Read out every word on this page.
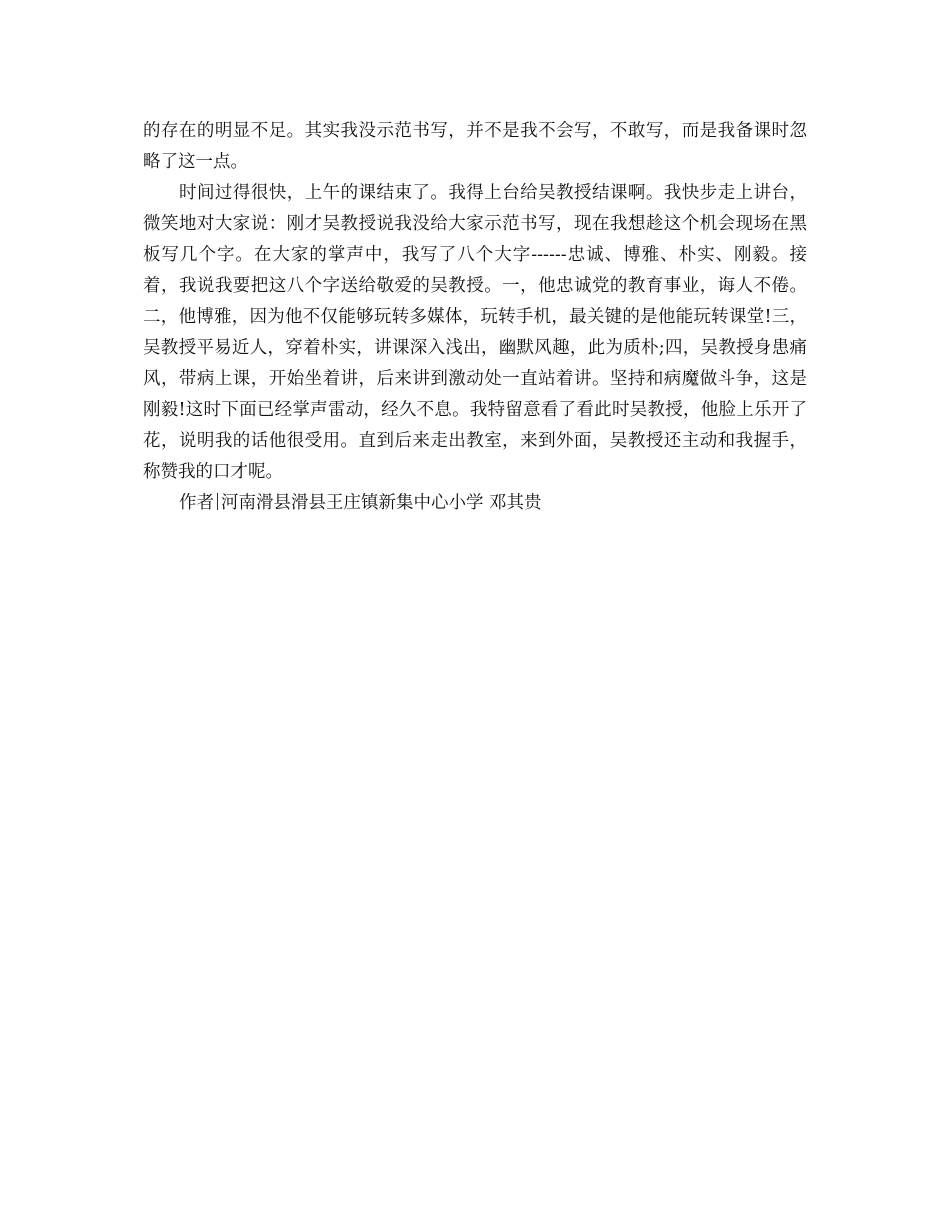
的存在的明显不足。其实我没示范书写，并不是我不会写，不敢写，而是我备课时忽略了这一点。

时间过得很快，上午的课结束了。我得上台给吴教授结课啊。我快步走上讲台，微笑地对大家说：刚才吴教授说我没给大家示范书写，现在我想趁这个机会现场在黑板写几个字。在大家的掌声中，我写了八个大字------忠诚、博雅、朴实、刚毅。接着，我说我要把这八个字送给敬爱的吴教授。一，他忠诚党的教育事业，诲人不倦。二，他博雅，因为他不仅能够玩转多媒体，玩转手机，最关键的是他能玩转课堂!三，吴教授平易近人，穿着朴实，讲课深入浅出，幽默风趣，此为质朴;四，吴教授身患痛风，带病上课，开始坐着讲，后来讲到激动处一直站着讲。坚持和病魔做斗争，这是刚毅!这时下面已经掌声雷动，经久不息。我特留意看了看此时吴教授，他脸上乐开了花，说明我的话他很受用。直到后来走出教室，来到外面，吴教授还主动和我握手，称赞我的口才呢。

作者 河南滑县滑县王庄镇新集中心小学 邓其贵
